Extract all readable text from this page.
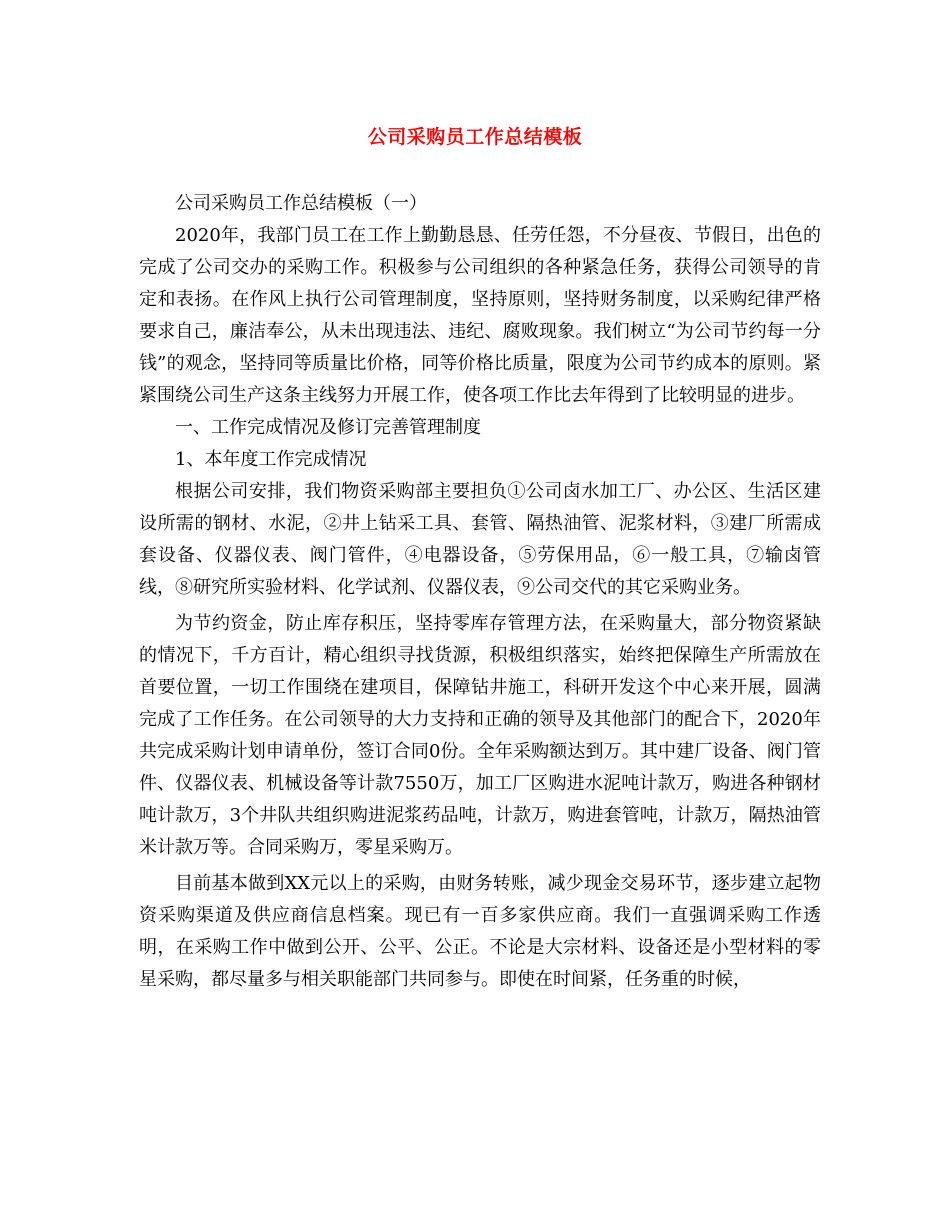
公司采购员工作总结模板

公司采购员工作总结模板（一）

2020年，我部门员工在工作上勤勤恳恳、任劳任怨，不分昼夜、节假日，出色的完成了公司交办的采购工作。积极参与公司组织的各种紧急任务，获得公司领导的肯定和表扬。在作风上执行公司管理制度，坚持原则，坚持财务制度，以采购纪律严格要求自己，廉洁奉公，从未出现违法、违纪、腐败现象。我们树立“为公司节约每一分钱”的观念，坚持同等质量比价格，同等价格比质量，限度为公司节约成本的原则。紧紧围绕公司生产这条主线努力开展工作，使各项工作比去年得到了比较明显的进步。

一、工作完成情况及修订完善管理制度

1、本年度工作完成情况

根据公司安排，我们物资采购部主要担负①公司卤水加工厂、办公区、生活区建设所需的钢材、水泥，②井上钻采工具、套管、隔热油管、泥浆材料，③建厂所需成套设备、仪器仪表、阀门管件，④电器设备，⑤劳保用品，⑥一般工具，⑦输卤管线，⑧研究所实验材料、化学试剂、仪器仪表，⑨公司交代的其它采购业务。

为节约资金，防止库存积压，坚持零库存管理方法，在采购量大，部分物资紧缺的情况下，千方百计，精心组织寻找货源，积极组织落实，始终把保障生产所需放在首要位置，一切工作围绕在建项目，保障钻井施工，科研开发这个中心来开展，圆满完成了工作任务。在公司领导的大力支持和正确的领导及其他部门的配合下，2020年共完成采购计划申请单份，签订合同0份。全年采购额达到万。其中建厂设备、阀门管件、仪器仪表、机械设备等计款7550万，加工厂区购进水泥吨计款万，购进各种钢材吨计款万，3个井队共组织购进泥浆药品吨，计款万，购进套管吨，计款万，隔热油管米计款万等。合同采购万，零星采购万。

目前基本做到XX元以上的采购，由财务转账，减少现金交易环节，逐步建立起物资采购渠道及供应商信息档案。现已有一百多家供应商。我们一直强调采购工作透明，在采购工作中做到公开、公平、公正。不论是大宗材料、设备还是小型材料的零星采购，都尽量多与相关职能部门共同参与。即使在时间紧，任务重的时候，
